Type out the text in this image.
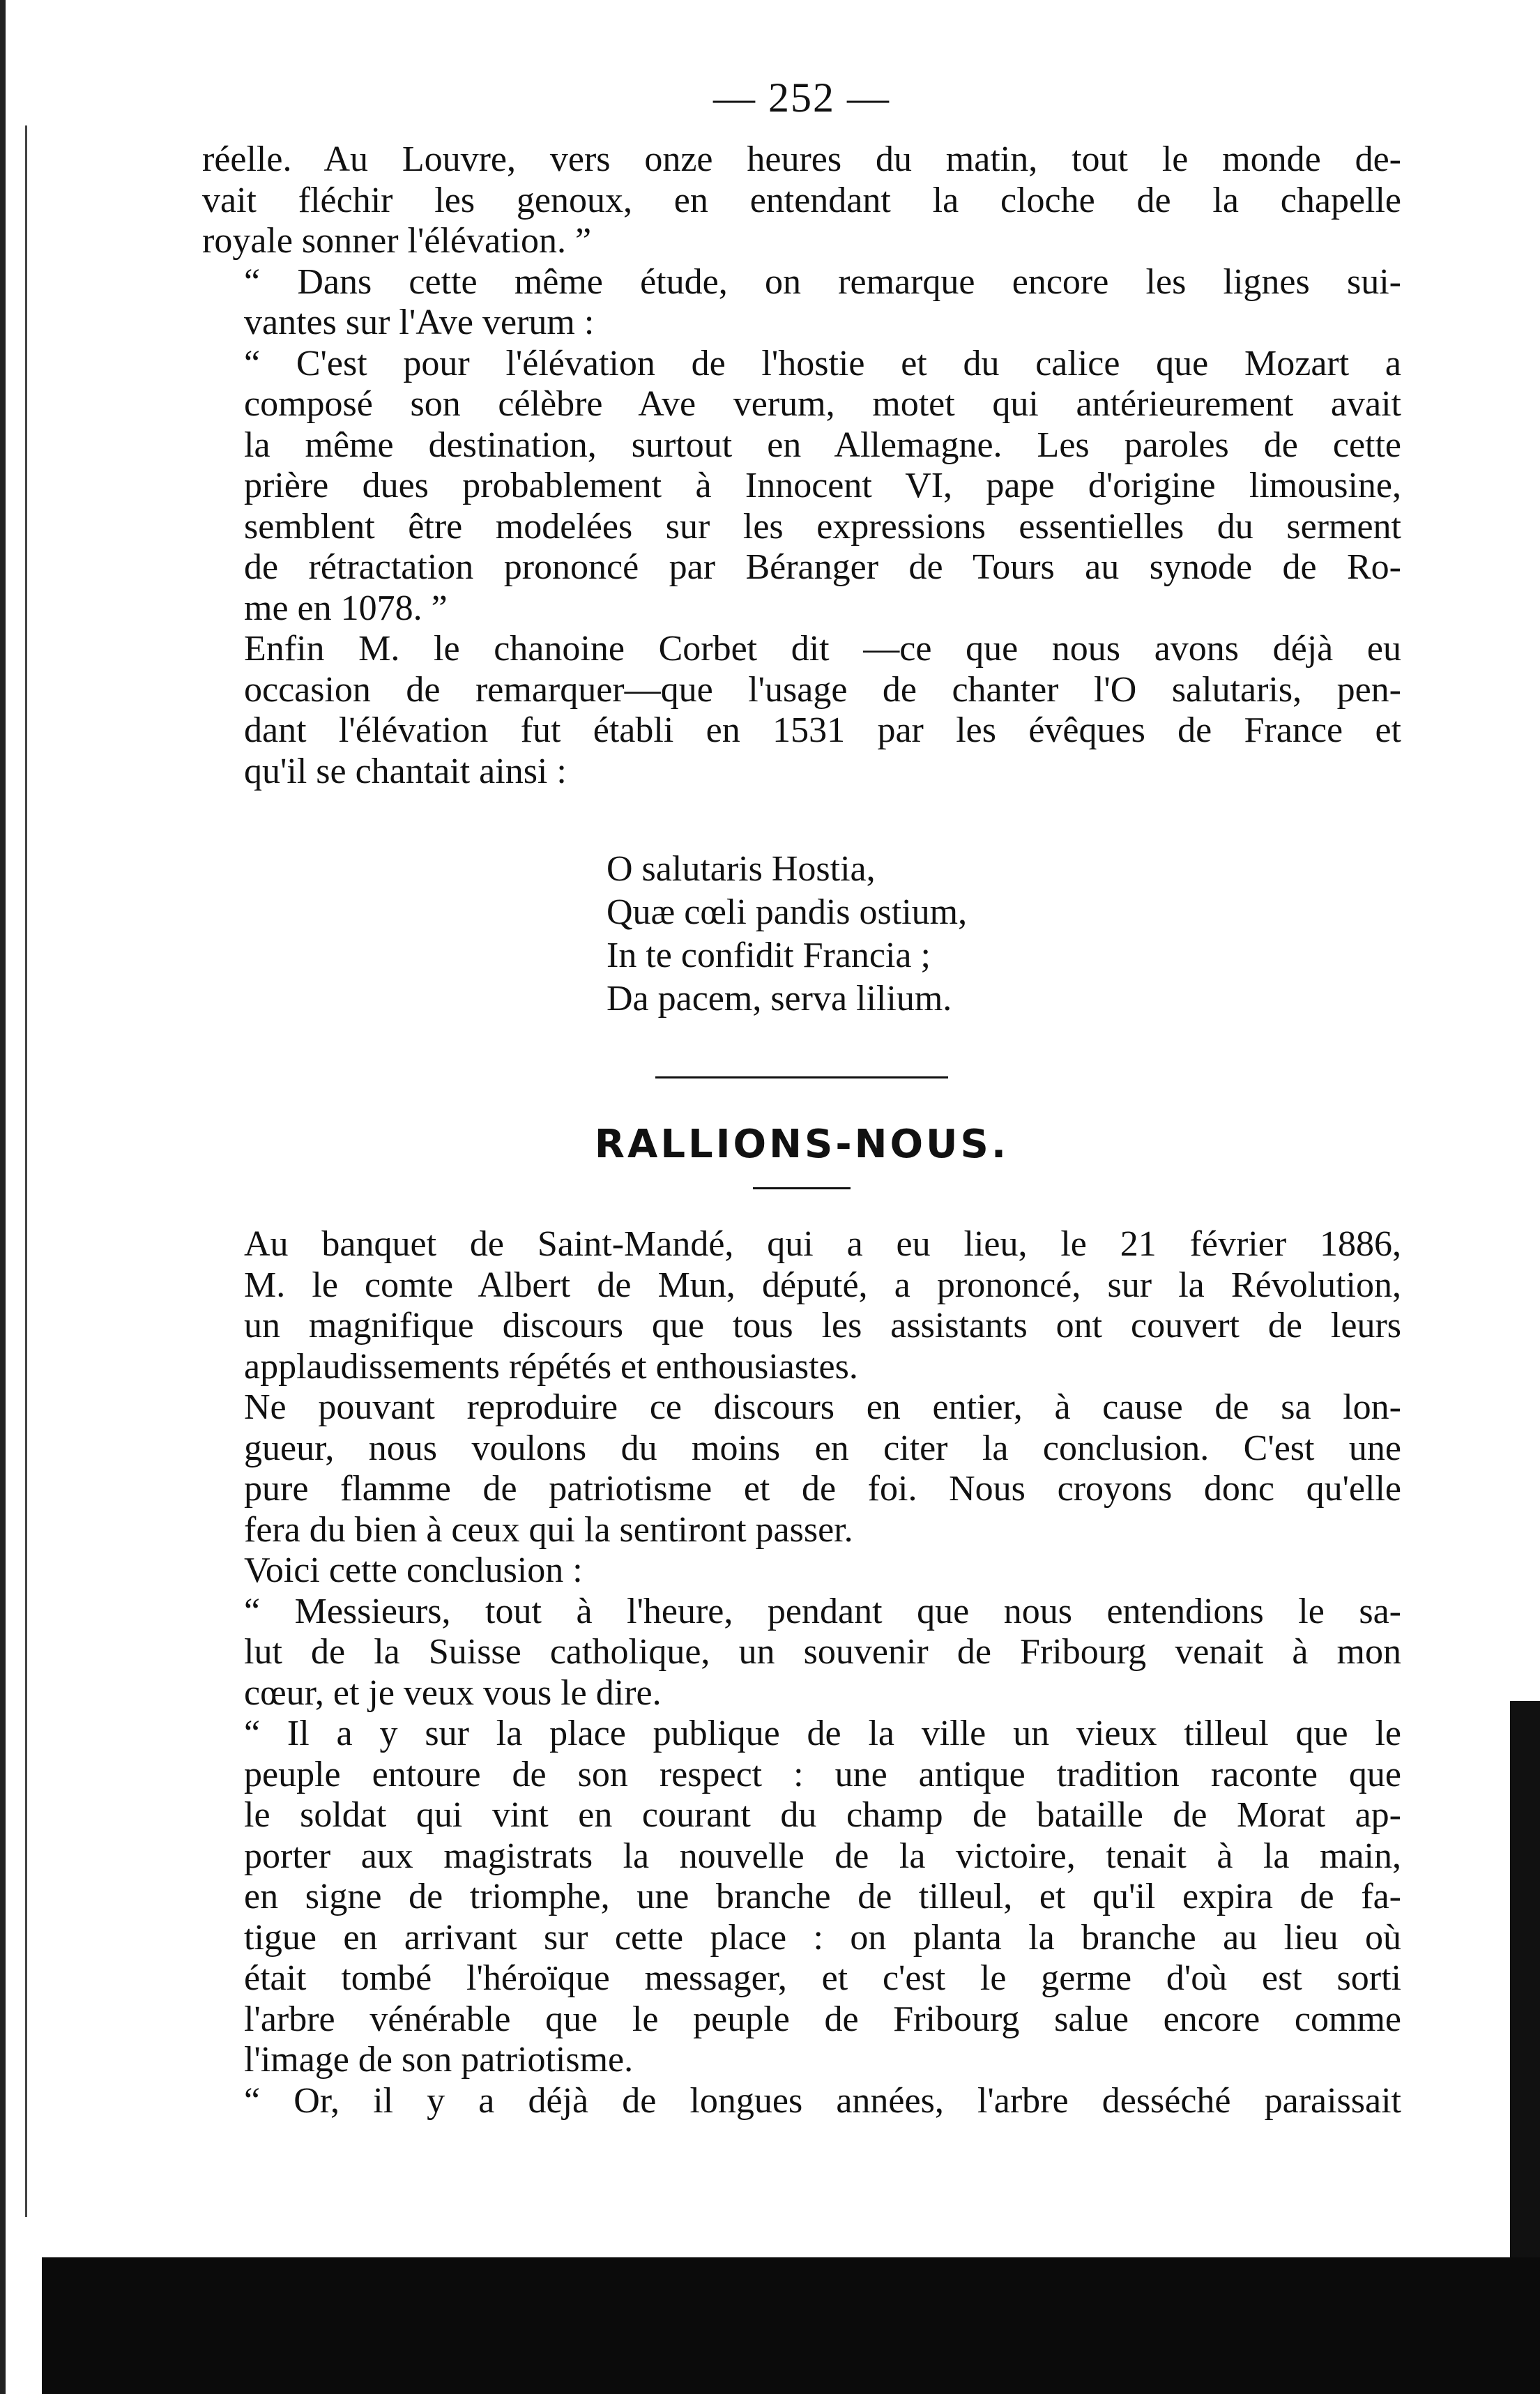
— 252 —

réelle. Au Louvre, vers onze heures du matin, tout le monde de-
vait fléchir les genoux, en entendant la cloche de la chapelle
royale sonner l'élévation. ”

“ Dans cette même étude, on remarque encore les lignes sui-
vantes sur l'Ave verum :

“ C'est pour l'élévation de l'hostie et du calice que Mozart a
composé son célèbre Ave verum, motet qui antérieurement avait
la même destination, surtout en Allemagne. Les paroles de cette
prière dues probablement à Innocent VI, pape d'origine limousine,
semblent être modelées sur les expressions essentielles du serment
de rétractation prononcé par Béranger de Tours au synode de Ro-
me en 1078. ”

Enfin M. le chanoine Corbet dit —ce que nous avons déjà eu
occasion de remarquer—que l'usage de chanter l'O salutaris, pen-
dant l'élévation fut établi en 1531 par les évêques de France et
qu'il se chantait ainsi :

O salutaris Hostia,
Quæ cœli pandis ostium,
In te confidit Francia ;
Da pacem, serva lilium.
RALLIONS-NOUS.

Au banquet de Saint-Mandé, qui a eu lieu, le 21 février 1886,
M. le comte Albert de Mun, député, a prononcé, sur la Révolution,
un magnifique discours que tous les assistants ont couvert de leurs
applaudissements répétés et enthousiastes.

Ne pouvant reproduire ce discours en entier, à cause de sa lon-
gueur, nous voulons du moins en citer la conclusion. C'est une
pure flamme de patriotisme et de foi. Nous croyons donc qu'elle
fera du bien à ceux qui la sentiront passer.

Voici cette conclusion :

“ Messieurs, tout à l'heure, pendant que nous entendions le sa-
lut de la Suisse catholique, un souvenir de Fribourg venait à mon
cœur, et je veux vous le dire.

“ Il a y sur la place publique de la ville un vieux tilleul que le
peuple entoure de son respect : une antique tradition raconte que
le soldat qui vint en courant du champ de bataille de Morat ap-
porter aux magistrats la nouvelle de la victoire, tenait à la main,
en signe de triomphe, une branche de tilleul, et qu'il expira de fa-
tigue en arrivant sur cette place : on planta la branche au lieu où
était tombé l'héroïque messager, et c'est le germe d'où est sorti
l'arbre vénérable que le peuple de Fribourg salue encore comme
l'image de son patriotisme.

“ Or, il y a déjà de longues années, l'arbre desséché paraissait
